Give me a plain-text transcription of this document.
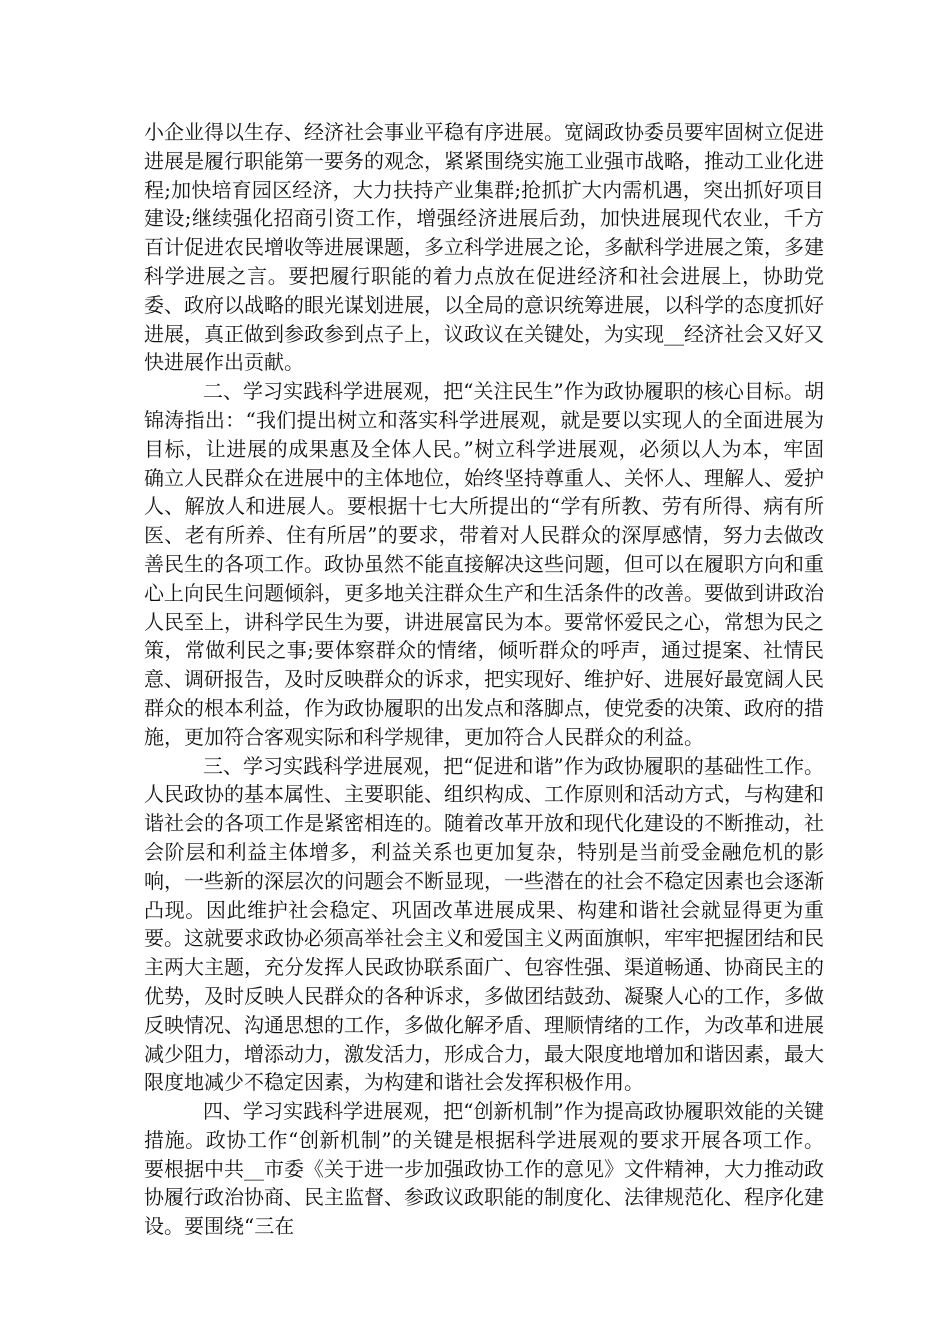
小企业得以生存、经济社会事业平稳有序进展。宽阔政协委员要牢固树立促进进展是履行职能第一要务的观念，紧紧围绕实施工业强市战略，推动工业化进程;加快培育园区经济，大力扶持产业集群;抢抓扩大内需机遇，突出抓好项目建设;继续强化招商引资工作，增强经济进展后劲，加快进展现代农业，千方百计促进农民增收等进展课题，多立科学进展之论，多献科学进展之策，多建科学进展之言。要把履行职能的着力点放在促进经济和社会进展上，协助党委、政府以战略的眼光谋划进展，以全局的意识统筹进展，以科学的态度抓好进展，真正做到参政参到点子上，议政议在关键处，为实现__经济社会又好又快进展作出贡献。

二、学习实践科学进展观，把“关注民生”作为政协履职的核心目标。胡锦涛指出：“我们提出树立和落实科学进展观，就是要以实现人的全面进展为目标，让进展的成果惠及全体人民。”树立科学进展观，必须以人为本，牢固确立人民群众在进展中的主体地位，始终坚持尊重人、关怀人、理解人、爱护人、解放人和进展人。要根据十七大所提出的“学有所教、劳有所得、病有所医、老有所养、住有所居”的要求，带着对人民群众的深厚感情，努力去做改善民生的各项工作。政协虽然不能直接解决这些问题，但可以在履职方向和重心上向民生问题倾斜，更多地关注群众生产和生活条件的改善。要做到讲政治人民至上，讲科学民生为要，讲进展富民为本。要常怀爱民之心，常想为民之策，常做利民之事;要体察群众的情绪，倾听群众的呼声，通过提案、社情民意、调研报告，及时反映群众的诉求，把实现好、维护好、进展好最宽阔人民群众的根本利益，作为政协履职的出发点和落脚点，使党委的决策、政府的措施，更加符合客观实际和科学规律，更加符合人民群众的利益。

三、学习实践科学进展观，把“促进和谐”作为政协履职的基础性工作。人民政协的基本属性、主要职能、组织构成、工作原则和活动方式，与构建和谐社会的各项工作是紧密相连的。随着改革开放和现代化建设的不断推动，社会阶层和利益主体增多，利益关系也更加复杂，特别是当前受金融危机的影响，一些新的深层次的问题会不断显现，一些潜在的社会不稳定因素也会逐渐凸现。因此维护社会稳定、巩固改革进展成果、构建和谐社会就显得更为重要。这就要求政协必须高举社会主义和爱国主义两面旗帜，牢牢把握团结和民主两大主题，充分发挥人民政协联系面广、包容性强、渠道畅通、协商民主的优势，及时反映人民群众的各种诉求，多做团结鼓劲、凝聚人心的工作，多做反映情况、沟通思想的工作，多做化解矛盾、理顺情绪的工作，为改革和进展减少阻力，增添动力，激发活力，形成合力，最大限度地增加和谐因素，最大限度地减少不稳定因素，为构建和谐社会发挥积极作用。

四、学习实践科学进展观，把“创新机制”作为提高政协履职效能的关键措施。政协工作“创新机制”的关键是根据科学进展观的要求开展各项工作。要根据中共__市委《关于进一步加强政协工作的意见》文件精神，大力推动政协履行政治协商、民主监督、参政议政职能的制度化、法律规范化、程序化建设。要围绕“三在
